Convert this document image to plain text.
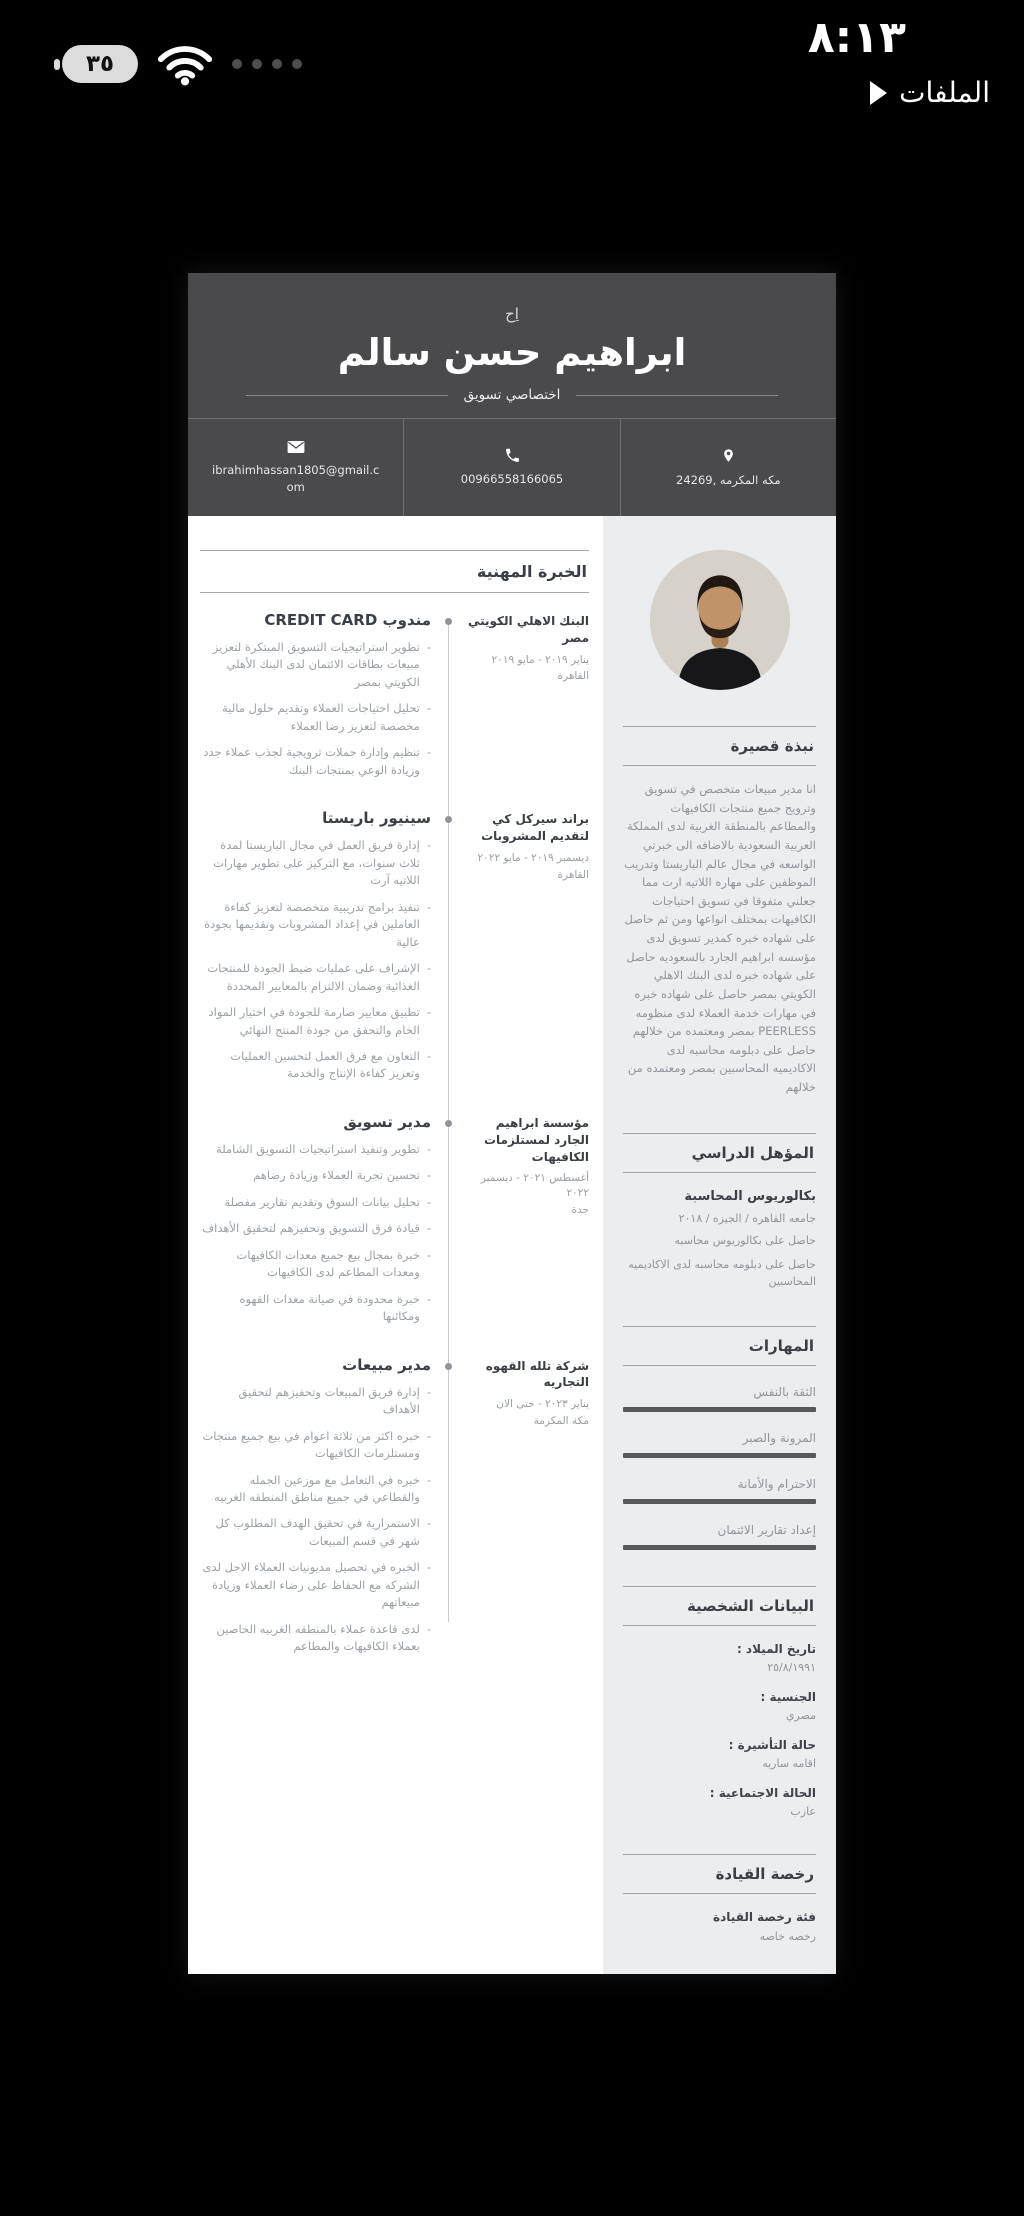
٨:١٣
الملفات
٣٥
اِح
ابراهيم حسن سالم
اختصاصي تسويق
مكه المكرمه ,24269
00966558166065
ibrahimhassan1805@gmail.com
الخبرة المهنية
البنك الاهلي الكويتي مصر
يناير ٢٠١٩ - مايو ٢٠١٩
القاهرة
مندوب CREDIT CARD
- تطوير استراتيجيات التسويق المبتكرة لتعزيز مبيعات بطاقات الائتمان لدى البنك الأهلي الكويتي بمصر
- تحليل احتياجات العملاء وتقديم حلول مالية مخصصة لتعزيز رضا العملاء
- تنظيم وإدارة حملات ترويجية لجذب عملاء جدد وزيادة الوعي بمنتجات البنك
براند سيركل كي لتقديم المشروبات
ديسمبر ٢٠١٩ - مايو ٢٠٢٢
القاهرة
سينيور باريستا
- إدارة فريق العمل في مجال الباريستا لمدة ثلاث سنوات، مع التركيز على تطوير مهارات اللاتيه آرت
- تنفيذ برامج تدريبية متخصصة لتعزيز كفاءة العاملين في إعداد المشروبات وتقديمها بجودة عالية
- الإشراف على عمليات ضبط الجودة للمنتجات الغذائية وضمان الالتزام بالمعايير المحددة
- تطبيق معايير صارمة للجودة في اختيار المواد الخام والتحقق من جودة المنتج النهائي
- التعاون مع فرق العمل لتحسين العمليات وتعزيز كفاءة الإنتاج والخدمة
مؤسسة ابراهيم الجارد لمستلزمات الكافيهات
أغسطس ٢٠٢١ - ديسمبر ٢٠٢٢
جدة
مدير تسويق
- تطوير وتنفيذ استراتيجيات التسويق الشاملة
- تحسين تجربة العملاء وزيادة رضاهم
- تحليل بيانات السوق وتقديم تقارير مفصلة
- قيادة فرق التسويق وتحفيزهم لتحقيق الأهداف
- خبرة بمجال بيع جميع معدات الكافيهات ومعدات المطاعم لدى الكافيهات
- خبرة محدودة في صيانة معدات القهوه ومكائنها
شركة تلله القهوه التجاريه
يناير ٢٠٢٣ - حتى الان
مكة المكرمة
مدير مبيعات
- إدارة فريق المبيعات وتحفيزهم لتحقيق الأهداف
- خبره اكثر من ثلاثة اعوام في بيع جميع منتجات ومستلزمات الكافيهات
- خبره في التعامل مع موزعين الجمله والقطاعي في جميع مناطق المنطقه الغربيه
- الاستمرارية في تحقيق الهدف المطلوب كل شهر في قسم المبيعات
- الخبره في تحصيل مديونيات العملاء الاجل لدى الشركه مع الحفاظ على رضاء العملاء وزيادة مبيعاتهم
- لدى قاعدة عملاء بالمنطقه الغربيه الخاصين بعملاء الكافيهات والمطاعم
نبذة قصيرة
انا مدير مبيعات متخصص في تسويق وترويج جميع منتجات الكافيهات والمطاعم بالمنطقة الغربية لدى المملكة العربية السعودية بالاضافه الى خبرتي الواسعه في مجال عالم الباريستا وتدريب الموظفين على مهاره اللاتيه ارت مما جعلني متفوقا في تسويق احتياجات الكافيهات بمختلف انواعها ومن ثم حاصل على شهاده خبره كمدير تسويق لدى مؤسسه ابراهيم الجارد بالسعوديه حاصل على شهاده خبره لدى البنك الاهلي الكويتي بمصر حاصل على شهاده خبره في مهارات خدمة العملاء لدى منظومه PEERLESS بمصر ومعتمده من خلالهم حاصل على دبلومه محاسبه لدى الاكاديميه المحاسبين بمصر ومعتمده من خلالهم
المؤهل الدراسي
بكالوريوس المحاسبة
جامعه القاهره / الجيزه / ٢٠١٨
حاصل على بكالوريوس محاسبه
حاصل على دبلومه محاسبه لدى الاكاديميه المحاسبين
المهارات
الثقة بالنفس
المرونة والصبر
الاحترام والأمانة
إعداد تقارير الائتمان
البيانات الشخصية
تاريخ الميلاد :
٢٥/٨/١٩٩١
الجنسية :
مصري
حالة التأشيرة :
اقامه ساريه
الحالة الاجتماعية :
عازب
رخصة القيادة
فئة رخصة القيادة
رخصه خاصه
